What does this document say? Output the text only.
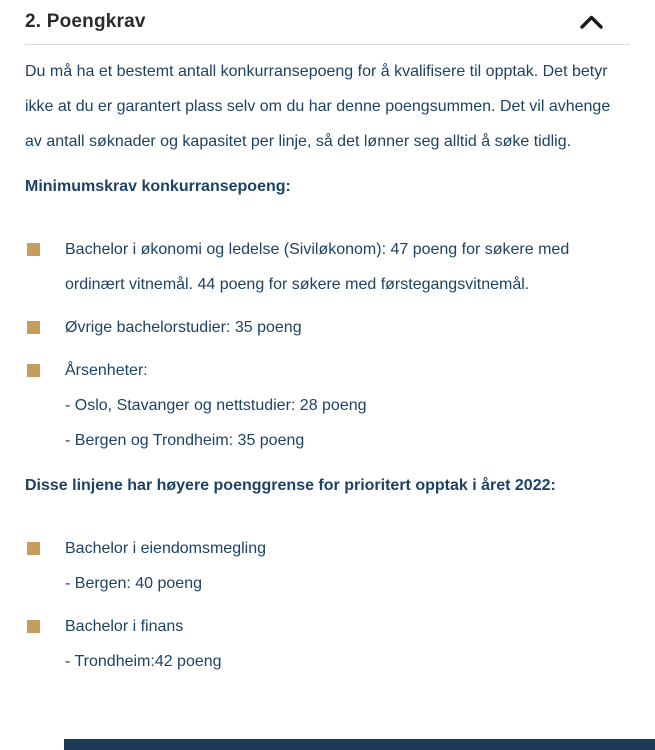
2. Poengkrav

Du må ha et bestemt antall konkurransepoeng for å kvalifisere til opptak. Det betyr ikke at du er garantert plass selv om du har denne poengsummen. Det vil avhenge av antall søknader og kapasitet per linje, så det lønner seg alltid å søke tidlig.

Minimumskrav konkurransepoeng:
Bachelor i økonomi og ledelse (Siviløkonom): 47 poeng for søkere med ordinært vitnemål. 44 poeng for søkere med førstegangsvitnemål.
Øvrige bachelorstudier: 35 poeng
Årsenheter:
- Oslo, Stavanger og nettstudier: 28 poeng
- Bergen og Trondheim: 35 poeng
Disse linjene har høyere poenggrense for prioritert opptak i året 2022:
Bachelor i eiendomsmegling
- Bergen: 40 poeng
Bachelor i finans
- Trondheim:42 poeng
